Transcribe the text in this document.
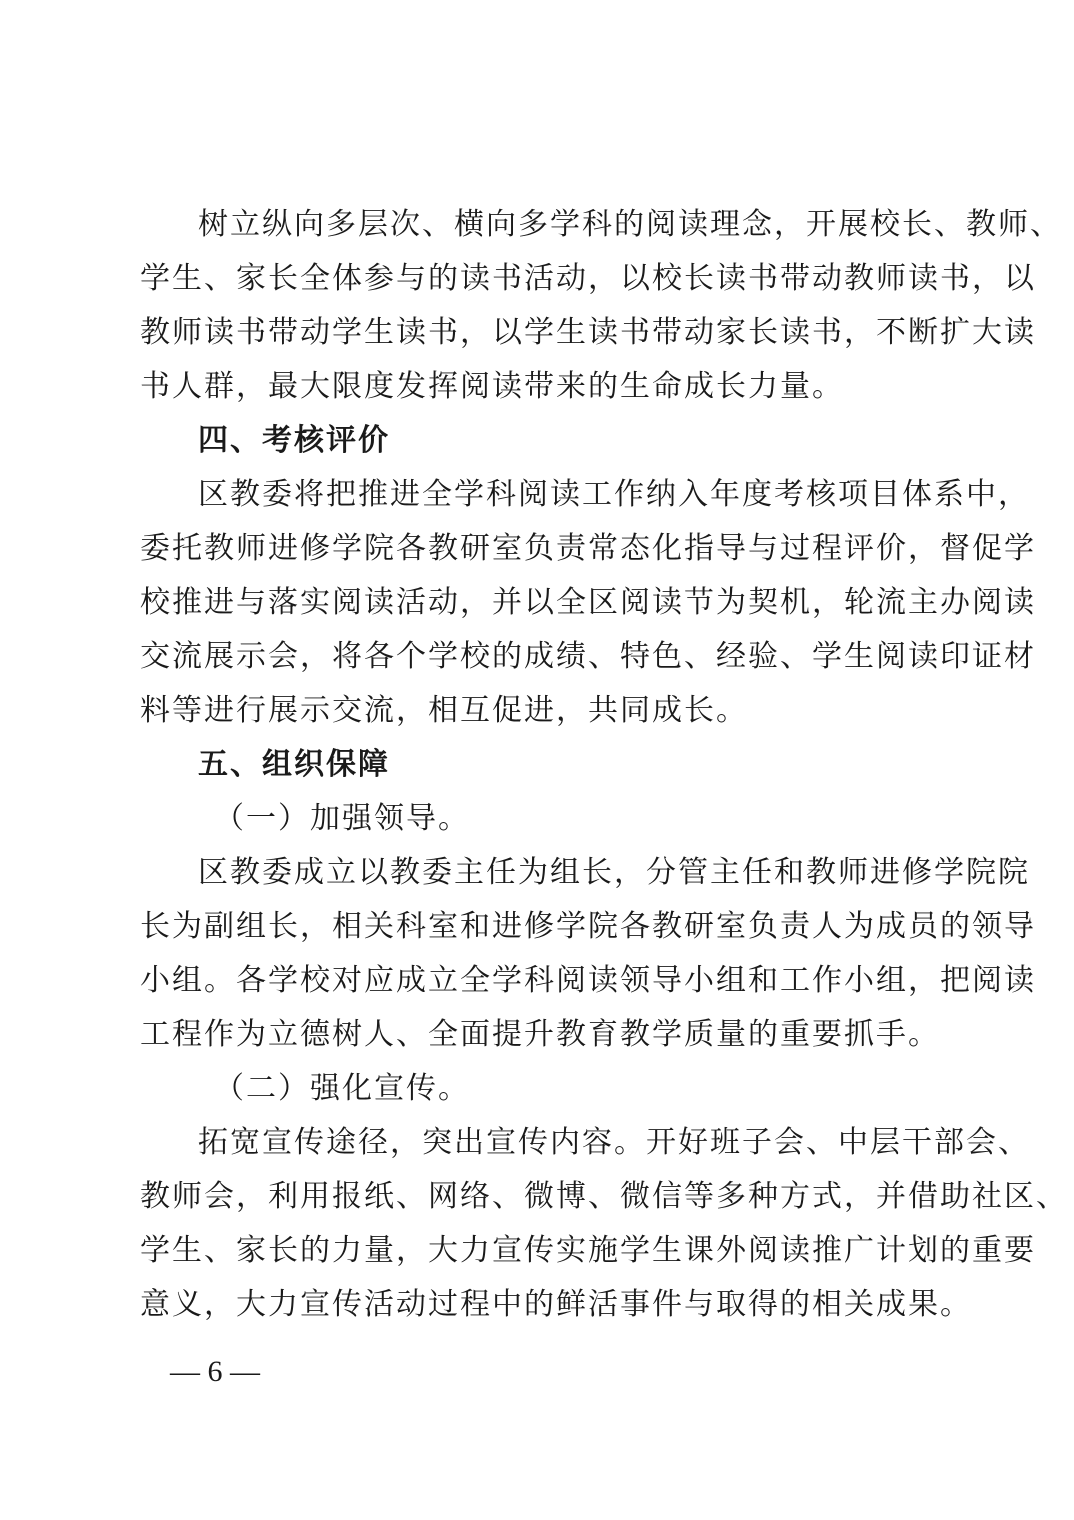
树立纵向多层次、横向多学科的阅读理念，开展校长、教师、
学生、家长全体参与的读书活动，以校长读书带动教师读书，以
教师读书带动学生读书，以学生读书带动家长读书，不断扩大读
书人群，最大限度发挥阅读带来的生命成长力量。
四、考核评价
区教委将把推进全学科阅读工作纳入年度考核项目体系中，
委托教师进修学院各教研室负责常态化指导与过程评价，督促学
校推进与落实阅读活动，并以全区阅读节为契机，轮流主办阅读
交流展示会，将各个学校的成绩、特色、经验、学生阅读印证材
料等进行展示交流，相互促进，共同成长。
五、组织保障
（一）加强领导。
区教委成立以教委主任为组长，分管主任和教师进修学院院
长为副组长，相关科室和进修学院各教研室负责人为成员的领导
小组。各学校对应成立全学科阅读领导小组和工作小组，把阅读
工程作为立德树人、全面提升教育教学质量的重要抓手。
（二）强化宣传。
拓宽宣传途径，突出宣传内容。开好班子会、中层干部会、
教师会，利用报纸、网络、微博、微信等多种方式，并借助社区、
学生、家长的力量，大力宣传实施学生课外阅读推广计划的重要
意义，大力宣传活动过程中的鲜活事件与取得的相关成果。
— 6 —
